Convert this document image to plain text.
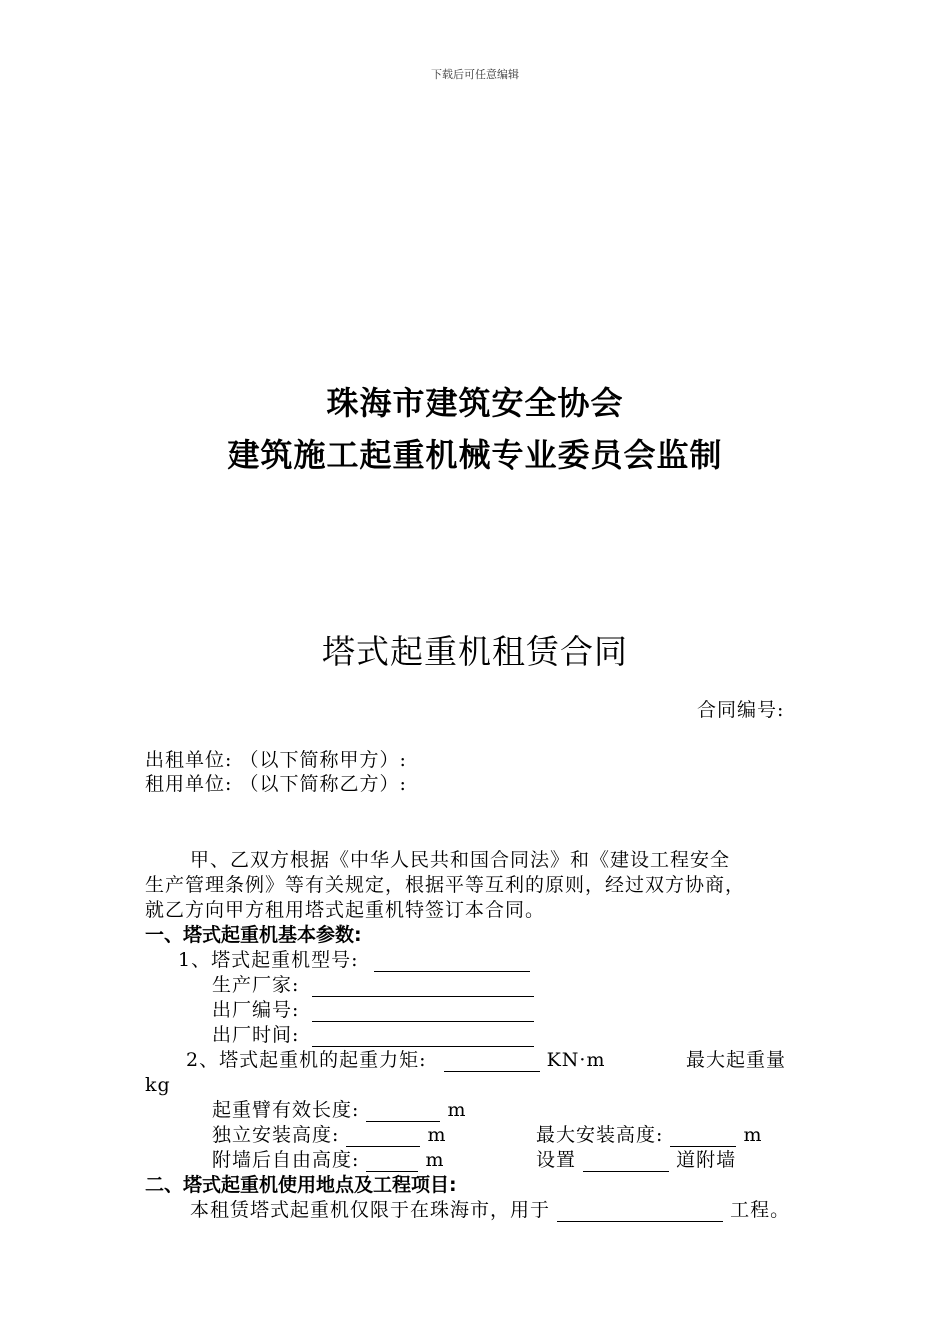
下载后可任意编辑
珠海市建筑安全协会
建筑施工起重机械专业委员会监制
塔式起重机租赁合同
合同编号:
出租单位: （以下简称甲方）:
租用单位: （以下简称乙方）:
甲、乙双方根据《中华人民共和国合同法》和《建设工程安全
生产管理条例》等有关规定，根据平等互利的原则，经过双方协商，
就乙方向甲方租用塔式起重机特签订本合同。
一、塔式起重机基本参数:
1、塔式起重机型号:
生产厂家:
出厂编号:
出厂时间:
2、塔式起重机的起重力矩:	KN·m	最大起重量
kg
起重臂有效长度:	m
独立安装高度:	m	最大安装高度:	m
附墙后自由高度:	m	设置	道附墙
二、塔式起重机使用地点及工程项目:
本租赁塔式起重机仅限于在珠海市，用于	工程。
